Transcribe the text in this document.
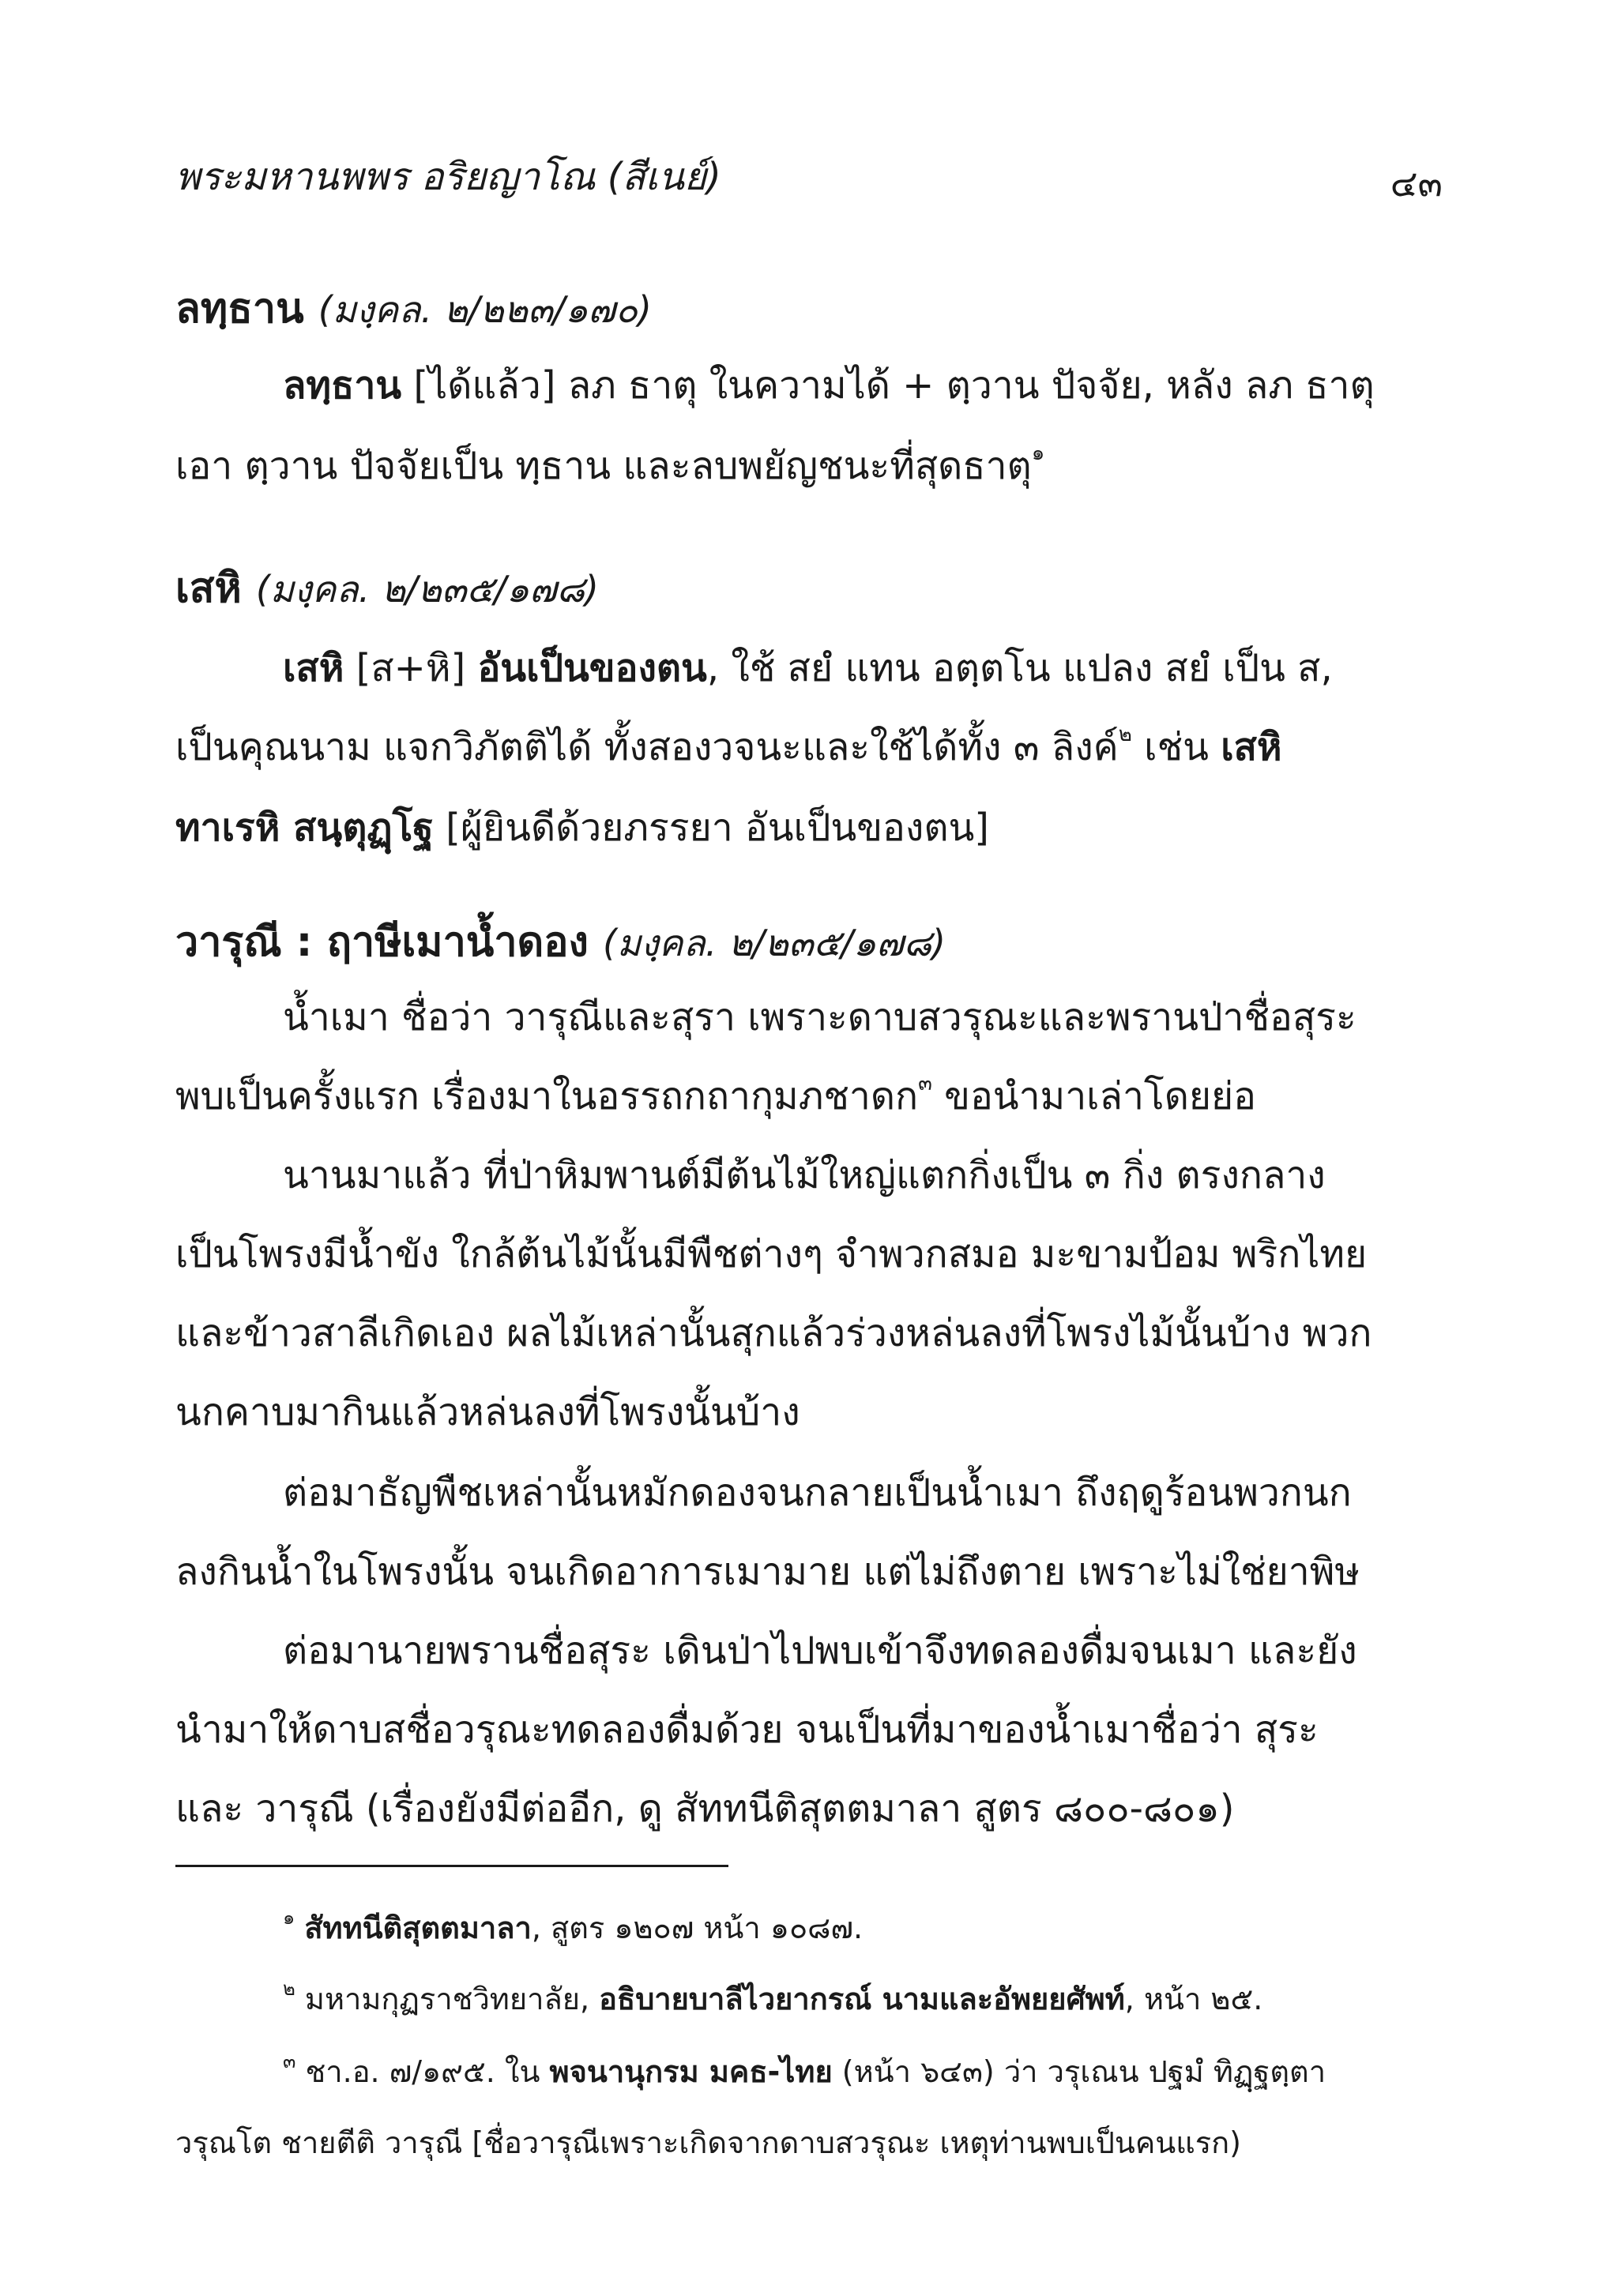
พระมหานพพร อริยญาโณ (สีเนย์)	๔๓
ลทฺธาน (มงฺคล. ๒/๒๒๓/๑๗๐)
ลทฺธาน [ได้แล้ว] ลภ ธาตุ ในความได้ + ตฺวาน ปัจจัย, หลัง ลภ ธาตุ
เอา ตฺวาน ปัจจัยเป็น ทฺธาน และลบพยัญชนะที่สุดธาตุ$^๑$
เสหิ (มงฺคล. ๒/๒๓๕/๑๗๘)
เสหิ [ส+หิ] อันเป็นของตน, ใช้ สยํ แทน อตฺตโน แปลง สยํ เป็น ส,
เป็นคุณนาม แจกวิภัตติได้ ทั้งสองวจนะและใช้ได้ทั้ง ๓ ลิงค์$^๒$ เช่น เสหิ
ทาเรหิ สนฺตุฏฺโฐ [ผู้ยินดีด้วยภรรยา อันเป็นของตน]
วารุณี : ฤาษีเมาน้ำดอง (มงฺคล. ๒/๒๓๕/๑๗๘)
น้ำเมา ชื่อว่า วารุณีและสุรา เพราะดาบสวรุณะและพรานป่าชื่อสุระ
พบเป็นครั้งแรก เรื่องมาในอรรถกถากุมภชาดก$^๓$ ขอนำมาเล่าโดยย่อ
นานมาแล้ว ที่ป่าหิมพานต์มีต้นไม้ใหญ่แตกกิ่งเป็น ๓ กิ่ง ตรงกลาง
เป็นโพรงมีน้ำขัง ใกล้ต้นไม้นั้นมีพืชต่างๆ จำพวกสมอ มะขามป้อม พริกไทย
และข้าวสาลีเกิดเอง ผลไม้เหล่านั้นสุกแล้วร่วงหล่นลงที่โพรงไม้นั้นบ้าง พวก
นกคาบมากินแล้วหล่นลงที่โพรงนั้นบ้าง
ต่อมาธัญพืชเหล่านั้นหมักดองจนกลายเป็นน้ำเมา ถึงฤดูร้อนพวกนก
ลงกินน้ำในโพรงนั้น จนเกิดอาการเมามาย แต่ไม่ถึงตาย เพราะไม่ใช่ยาพิษ
ต่อมานายพรานชื่อสุระ เดินป่าไปพบเข้าจึงทดลองดื่มจนเมา และยัง
นำมาให้ดาบสชื่อวรุณะทดลองดื่มด้วย จนเป็นที่มาของน้ำเมาชื่อว่า สุระ
และ วารุณี (เรื่องยังมีต่ออีก, ดู สัททนีติสุตตมาลา สูตร ๘๐๐-๘๐๑)
$^๑$ สัททนีติสุตตมาลา, สูตร ๑๒๐๗ หน้า ๑๐๘๗.
$^๒$ มหามกุฏราชวิทยาลัย, อธิบายบาลีไวยากรณ์ นามและอัพยยศัพท์, หน้า ๒๕.
$^๓$ ชา.อ. ๗/๑๙๕. ใน พจนานุกรม มคธ-ไทย (หน้า ๖๔๓) ว่า วรุเณน ปฐมํ ทิฏฺฐตฺตา
วรุณโต ชายตีติ วารุณี [ชื่อวารุณีเพราะเกิดจากดาบสวรุณะ เหตุท่านพบเป็นคนแรก)
